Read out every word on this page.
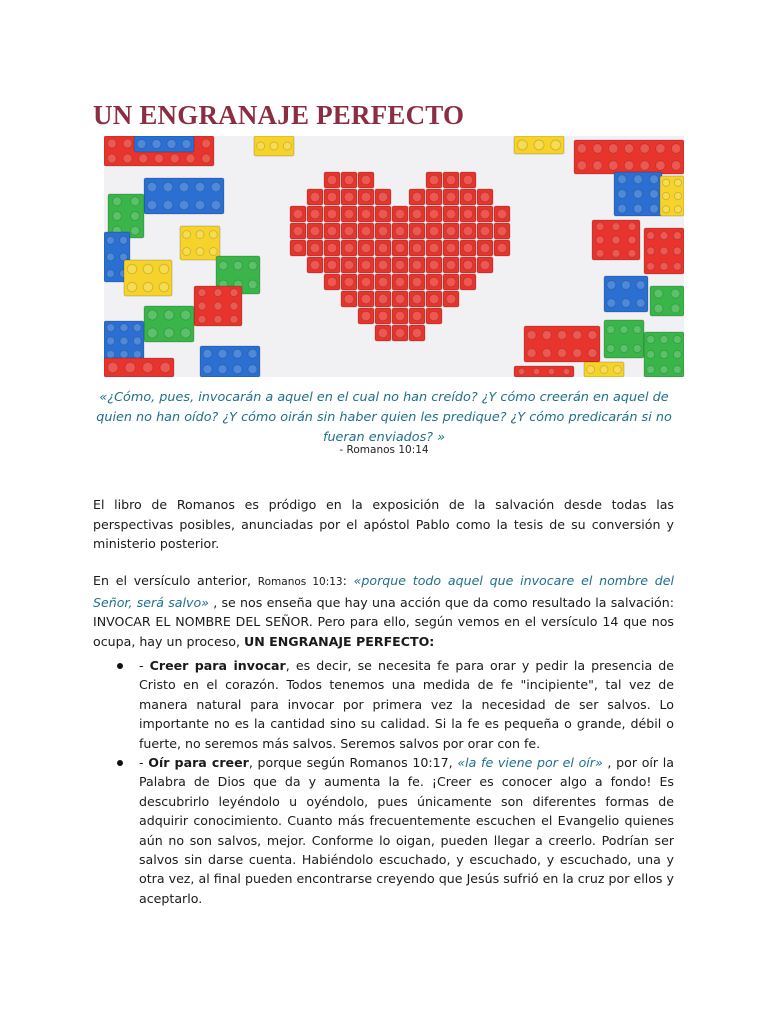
UN ENGRANAJE PERFECTO

«¿Cómo, pues, invocarán a aquel en el cual no han creído? ¿Y cómo creerán en aquel de quien no han oído? ¿Y cómo oirán sin haber quien les predique? ¿Y cómo predicarán si no fueran enviados? »

- Romanos 10:14

El libro de Romanos es pródigo en la exposición de la salvación desde todas las perspectivas posibles, anunciadas por el apóstol Pablo como la tesis de su conversión y ministerio posterior.

En el versículo anterior, Romanos 10:13: «porque todo aquel que invocare el nombre del Señor, será salvo» , se nos enseña que hay una acción que da como resultado la salvación: INVOCAR EL NOMBRE DEL SEÑOR. Pero para ello, según vemos en el versículo 14 que nos ocupa, hay un proceso, UN ENGRANAJE PERFECTO:

- Creer para invocar, es decir, se necesita fe para orar y pedir la presencia de Cristo en el corazón. Todos tenemos una medida de fe "incipiente", tal vez de manera natural para invocar por primera vez la necesidad de ser salvos. Lo importante no es la cantidad sino su calidad. Si la fe es pequeña o grande, débil o fuerte, no seremos más salvos. Seremos salvos por orar con fe.
- Oír para creer, porque según Romanos 10:17, «la fe viene por el oír» , por oír la Palabra de Dios que da y aumenta la fe. ¡Creer es conocer algo a fondo! Es descubrirlo leyéndolo u oyéndolo, pues únicamente son diferentes formas de adquirir conocimiento. Cuanto más frecuentemente escuchen el Evangelio quienes aún no son salvos, mejor. Conforme lo oigan, pueden llegar a creerlo. Podrían ser salvos sin darse cuenta. Habiéndolo escuchado, y escuchado, y escuchado, una y otra vez, al final pueden encontrarse creyendo que Jesús sufrió en la cruz por ellos y aceptarlo.
